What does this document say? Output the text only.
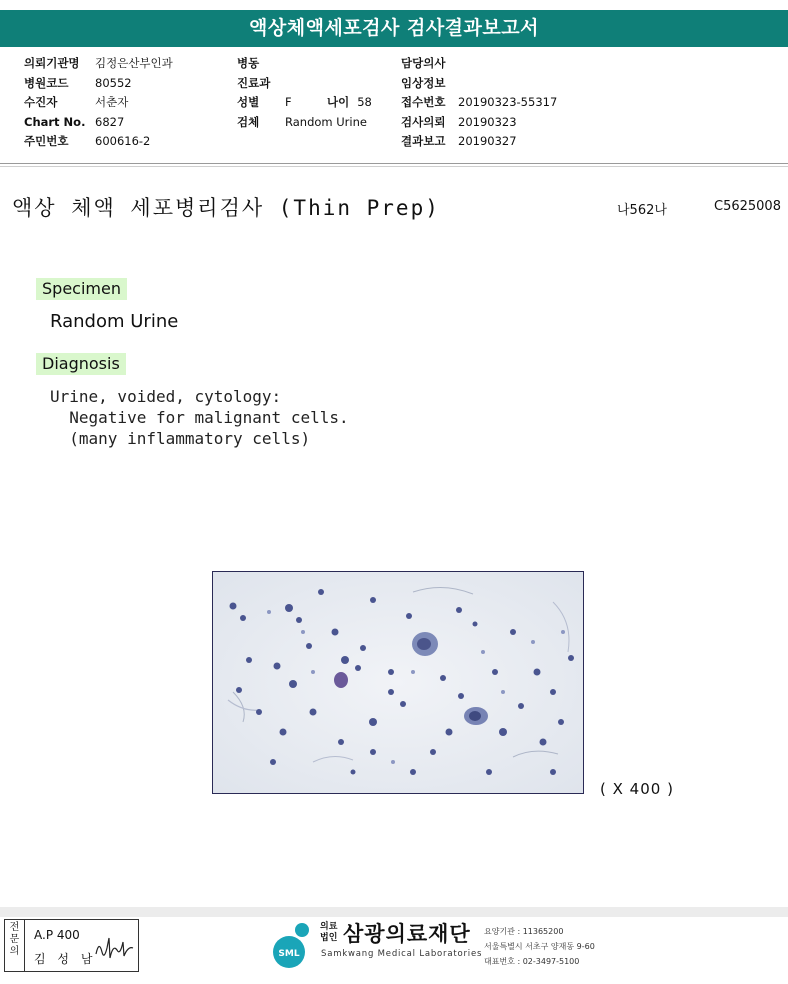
액상체액세포검사 검사결과보고서
의뢰기관명	김정은산부인과
병원코드	80552
수진자	서춘자
Chart No. 6827
주민번호	600616-2
병동
진료과
성별	F	나이 58
검체	Random Urine
담당의사
임상정보
접수번호	20190323-55317
검사의뢰	20190323
결과보고	20190327
액상 체액 세포병리검사 (Thin Prep)	나562나	C5625008
Specimen
Random Urine
Diagnosis
Urine, voided, cytology:
Negative for malignant cells.
(many inflammatory cells)
( X 400 )
전문의
A.P 400
김 성 남	SML
의료
법인 삼광의료재단
Samkwang Medical Laboratories
요양기관 : 11365200
서울특별시 서초구 양재동 9-60
대표번호 : 02-3497-5100
